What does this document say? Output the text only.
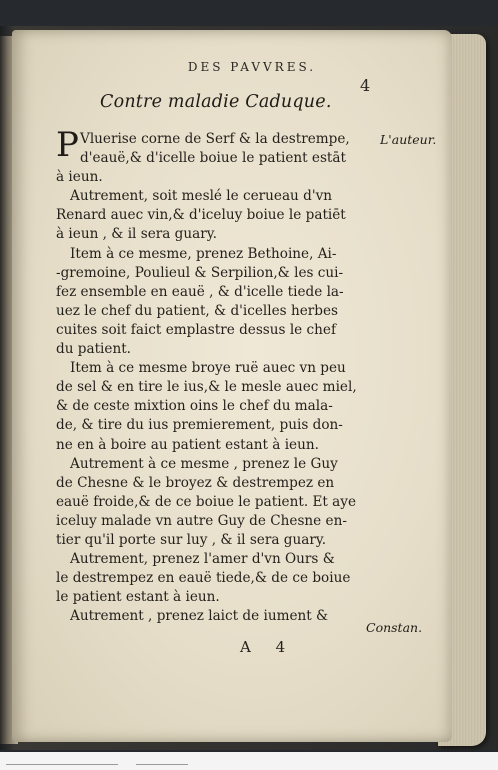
DES PAVVRES.
4
Contre maladie Caduque.
P Vluerise corne de Serf & la destrempe,
d'eauë,& d'icelle boiue le patient estāt
à ieun.
Autrement, soit meslé le cerueau d'vn
Renard auec vin,& d'iceluy boiue le patiēt
à ieun , & il sera guary.
Item à ce mesme, prenez Bethoine, Ai-
-gremoine, Poulieul & Serpilion,& les cui-
fez ensemble en eauë , & d'icelle tiede la-
uez le chef du patient, & d'icelles herbes
cuites soit faict emplastre dessus le chef
du patient.
Item à ce mesme broye ruë auec vn peu
de sel & en tire le ius,& le mesle auec miel,
& de ceste mixtion oins le chef du mala-
de, & tire du ius premierement, puis don-
ne en à boire au patient estant à ieun.
Autrement à ce mesme , prenez le Guy
de Chesne & le broyez & destrempez en
eauë froide,& de ce boiue le patient. Et aye
iceluy malade vn autre Guy de Chesne en-
tier qu'il porte sur luy , & il sera guary.
Autrement, prenez l'amer d'vn Ours &
le destrempez en eauë tiede,& de ce boiue
le patient estant à ieun.
Autrement , prenez laict de iument &
L'auteur.
Constan.
A 4
